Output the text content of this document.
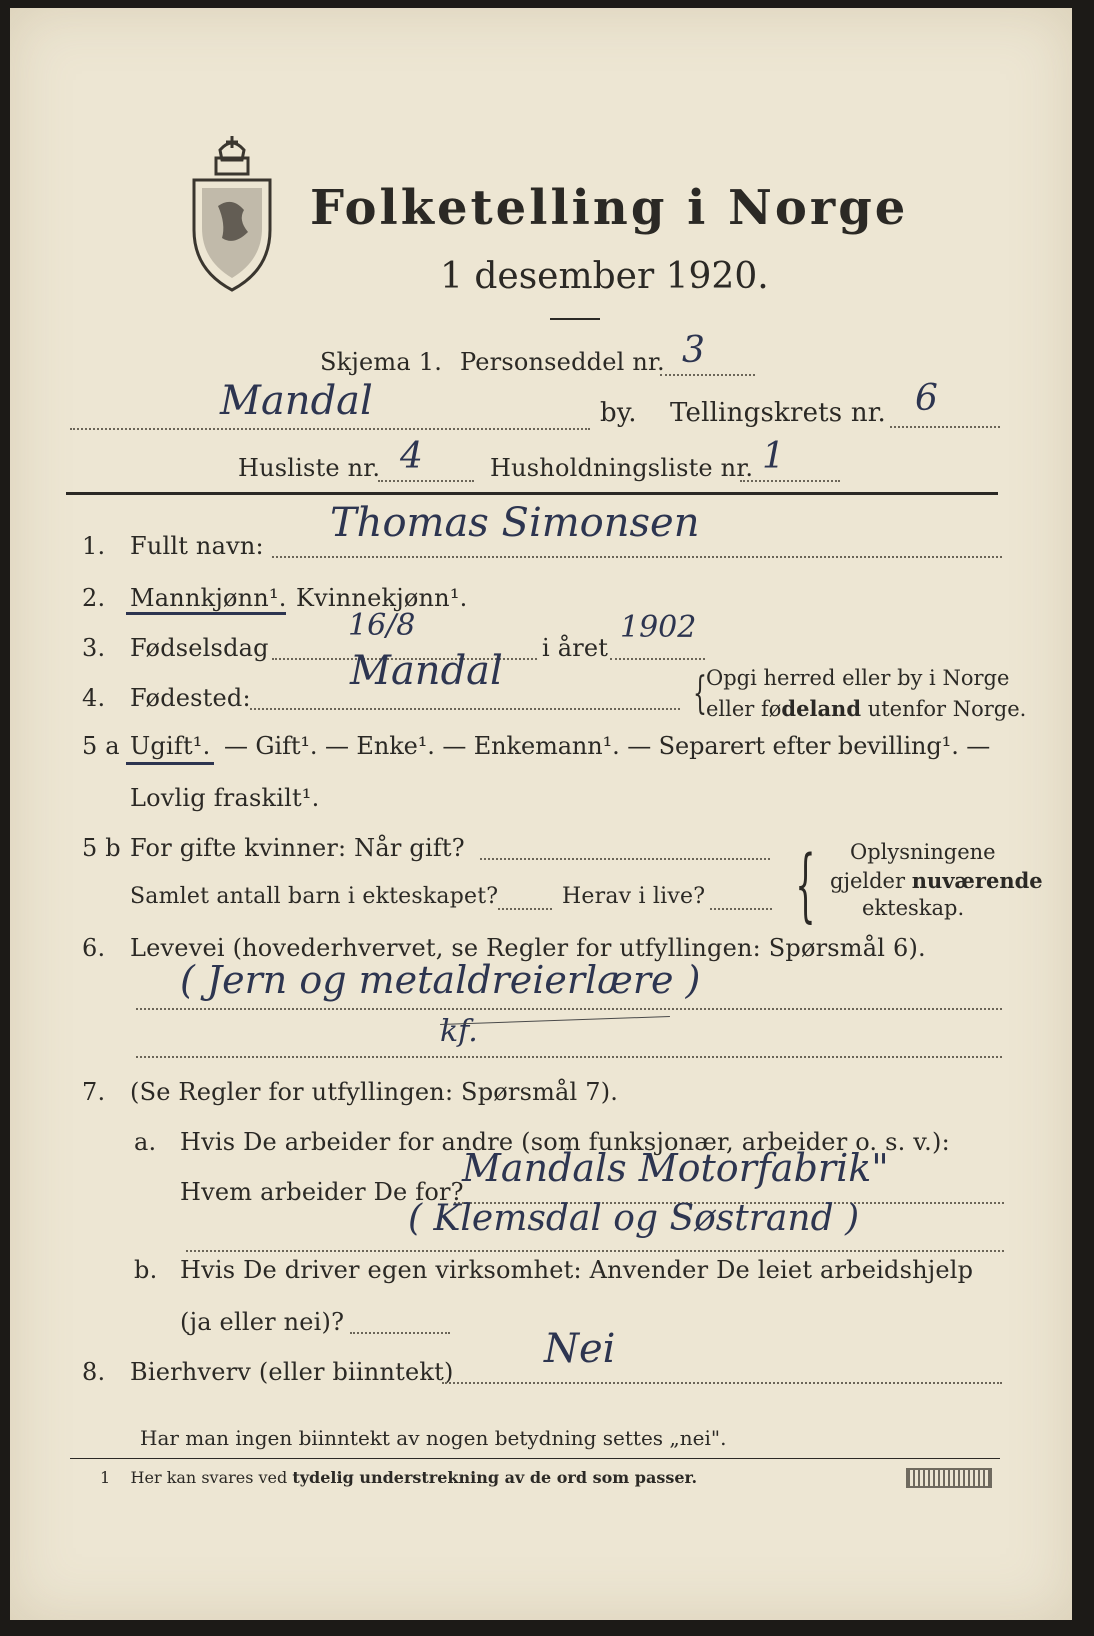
Folketelling i Norge
1 desember 1920.
Skjema 1. Personseddel nr. 3
Mandal	by. Tellingskrets nr. 6
Husliste nr. 4	Husholdningsliste nr. 1
1. Fullt navn: Thomas Simonsen
2. Mannkjønn¹. Kvinnekjønn¹.
3. Fødselsdag
16/8
i året
1902
4. Fødested:
Mandal	{ Opgi herred eller by i Norge
eller fødeland utenfor Norge.
5 a Ugift¹. — Gift¹. — Enke¹. — Enkemann¹. — Separert efter bevilling¹. —
Lovlig fraskilt¹.
5 b For gifte kvinner: Når gift?
Samlet antall barn i ekteskapet?	Herav i live? { Oplysningene
gjelder nuværende
ekteskap.
6. Levevei (hovederhvervet, se Regler for utfyllingen: Spørsmål 6).
( Jern og metaldreierlære )
kf.
7. (Se Regler for utfyllingen: Spørsmål 7).
a. Hvis De arbeider for andre (som funksjonær, arbeider o. s. v.):
Hvem arbeider De for?
Mandals Motorfabrik"
( Klemsdal og Søstrand )
b. Hvis De driver egen virksomhet: Anvender De leiet arbeidshjelp
(ja eller nei)?
8. Bierhverv (eller biinntekt) Nei
Har man ingen biinntekt av nogen betydning settes „nei".
1 Her kan svares ved tydelig understrekning av de ord som passer.
